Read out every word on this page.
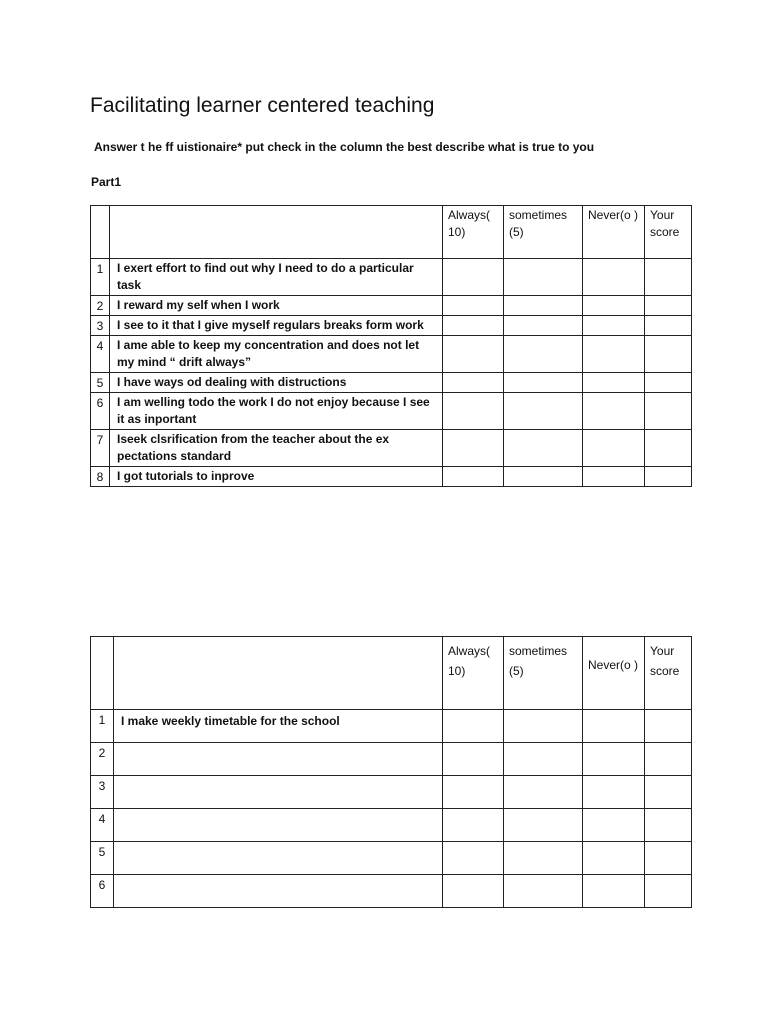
Facilitating learner centered teaching
Answer t he ff uistionaire* put check in the column the best describe what is true to you
Part1
		Always( 10)	sometimes (5)	Never(o )	Your score
1	I exert effort to find out why I need to do a particular task				
2	I reward my self when I work				
3	I see to it that I give myself regulars breaks form work				
4	I ame able to keep my concentration and does not let my mind “ drift always”				
5	I have ways od dealing with distructions				
6	I am welling todo the work I do not enjoy because I see it as inportant				
7	Iseek clsrification from the teacher about the ex pectations standard				
8	I got tutorials to inprove				
		Always( 10)	sometimes (5)	Never(o )	Your score
1	I make weekly timetable for the school				
2					
3					
4					
5					
6					
